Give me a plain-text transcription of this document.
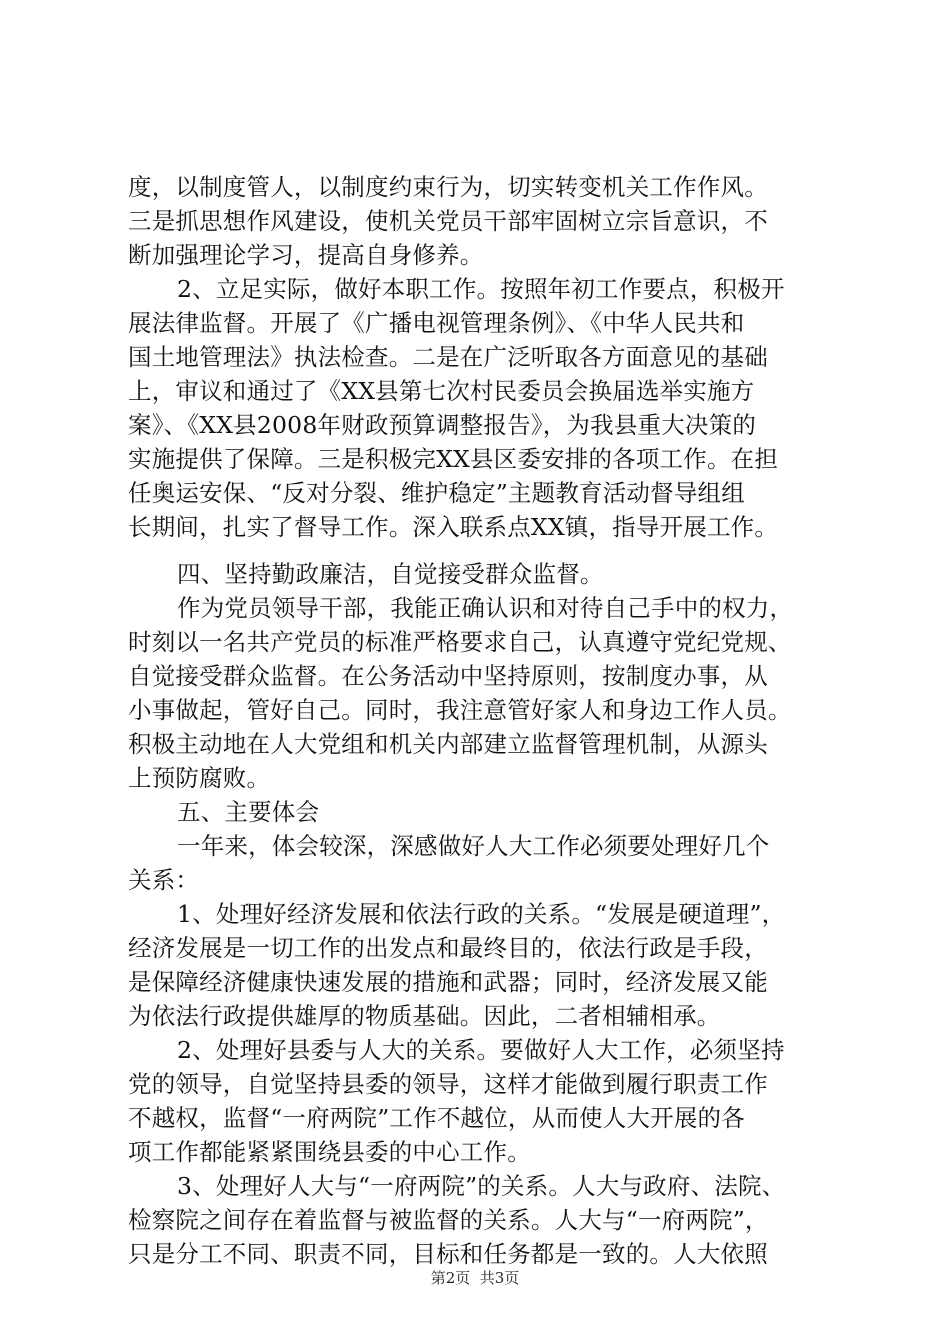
度，以制度管人，以制度约束行为，切实转变机关工作作风。
三是抓思想作风建设，使机关党员干部牢固树立宗旨意识，不
断加强理论学习，提高自身修养。
2、立足实际，做好本职工作。按照年初工作要点，积极开
展法律监督。开展了《广播电视管理条例》、《中华人民共和
国土地管理法》执法检查。二是在广泛听取各方面意见的基础
上，审议和通过了《XX县第七次村民委员会换届选举实施方
案》、《XX县2008年财政预算调整报告》，为我县重大决策的
实施提供了保障。三是积极完XX县区委安排的各项工作。在担
任奥运安保、“反对分裂、维护稳定”主题教育活动督导组组
长期间，扎实了督导工作。深入联系点XX镇，指导开展工作。
四、坚持勤政廉洁，自觉接受群众监督。
作为党员领导干部，我能正确认识和对待自己手中的权力，
时刻以一名共产党员的标准严格要求自己，认真遵守党纪党规、
自觉接受群众监督。在公务活动中坚持原则，按制度办事，从
小事做起，管好自己。同时，我注意管好家人和身边工作人员。
积极主动地在人大党组和机关内部建立监督管理机制，从源头
上预防腐败。
五、主要体会
一年来，体会较深，深感做好人大工作必须要处理好几个
关系：
1、处理好经济发展和依法行政的关系。“发展是硬道理”，
经济发展是一切工作的出发点和最终目的，依法行政是手段，
是保障经济健康快速发展的措施和武器；同时，经济发展又能
为依法行政提供雄厚的物质基础。因此，二者相辅相承。
2、处理好县委与人大的关系。要做好人大工作，必须坚持
党的领导，自觉坚持县委的领导，这样才能做到履行职责工作
不越权，监督“一府两院”工作不越位，从而使人大开展的各
项工作都能紧紧围绕县委的中心工作。
3、处理好人大与“一府两院”的关系。人大与政府、法院、
检察院之间存在着监督与被监督的关系。人大与“一府两院”，
只是分工不同、职责不同，目标和任务都是一致的。人大依照
第2页  共3页
